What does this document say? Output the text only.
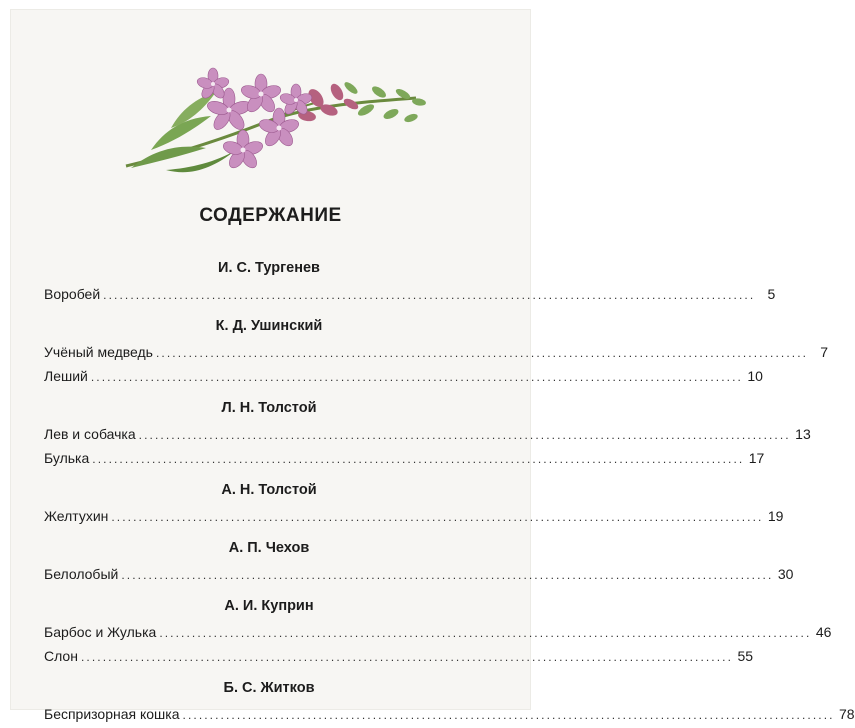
СОДЕРЖАНИЕ
И. С. Тургенев
Воробей ........................................................................................................................ 5
К. Д. Ушинский
Учёный медведь ........................................................................................................................ 7
Леший ........................................................................................................................ 10
Л. Н. Толстой
Лев и собачка ........................................................................................................................ 13
Булька ........................................................................................................................ 17
А. Н. Толстой
Желтухин ........................................................................................................................ 19
А. П. Чехов
Белолобый ........................................................................................................................ 30
А. И. Куприн
Барбос и Жулька ........................................................................................................................ 46
Слон ........................................................................................................................ 55
Б. С. Житков
Беспризорная кошка ........................................................................................................................ 78
